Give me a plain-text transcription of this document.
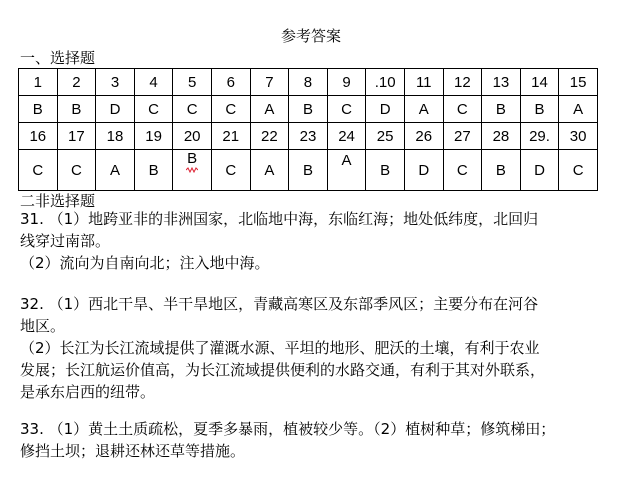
参考答案
一、选择题
1	2	3	4	5	6	7	8	9	.10	11	12	13	14	15
B	B	D	C	C	C	A	B	C	D	A	C	B	B	A
16	17	18	19	20	21	22	23	24	25	26	27	28	29.	30
C	C	A	B	B	C	A	B	A	B	D	C	B	D	C
二非选择题
31. （1）地跨亚非的非洲国家，北临地中海，东临红海；地处低纬度，北回归
线穿过南部。
（2）流向为自南向北；注入地中海。
32. （1）西北干旱、半干旱地区，青藏高寒区及东部季风区；主要分布在河谷
地区。
（2）长江为长江流域提供了灌溉水源、平坦的地形、肥沃的土壤，有利于农业
发展；长江航运价值高，为长江流域提供便利的水路交通，有利于其对外联系，
是承东启西的纽带。
33. （1）黄土土质疏松，夏季多暴雨，植被较少等。（2）植树种草；修筑梯田；
修挡土坝；退耕还林还草等措施。
